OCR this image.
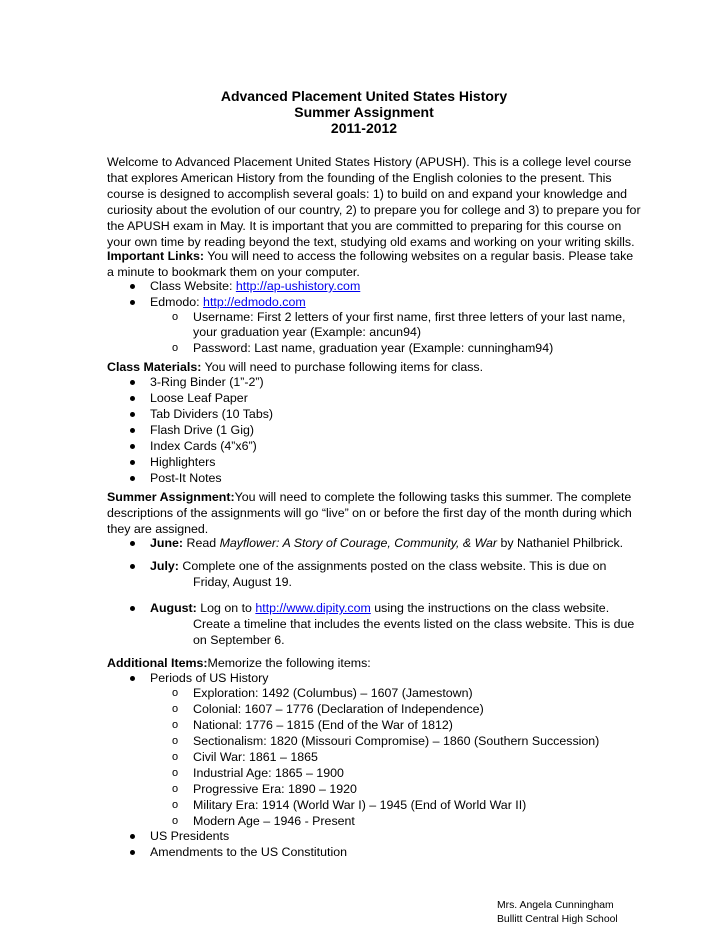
Advanced Placement United States History
Summer Assignment
2011-2012
Welcome to Advanced Placement United States History (APUSH). This is a college level course
that explores American History from the founding of the English colonies to the present. This
course is designed to accomplish several goals: 1) to build on and expand your knowledge and
curiosity about the evolution of our country, 2) to prepare you for college and 3) to prepare you for
the APUSH exam in May. It is important that you are committed to preparing for this course on
your own time by reading beyond the text, studying old exams and working on your writing skills.
Important Links: You will need to access the following websites on a regular basis. Please take
a minute to bookmark them on your computer.
Class Website: http://ap-ushistory.com
Edmodo: http://edmodo.com
o Username: First 2 letters of your first name, first three letters of your last name,
your graduation year (Example: ancun94)
o Password: Last name, graduation year (Example: cunningham94)
Class Materials: You will need to purchase following items for class.
3-Ring Binder (1”-2”)
Loose Leaf Paper
Tab Dividers (10 Tabs)
Flash Drive (1 Gig)
Index Cards (4”x6”)
Highlighters
Post-It Notes
Summer Assignment:You will need to complete the following tasks this summer. The complete
descriptions of the assignments will go “live” on or before the first day of the month during which
they are assigned.
June: Read Mayflower: A Story of Courage, Community, & War by Nathaniel Philbrick.
July: Complete one of the assignments posted on the class website. This is due on
Friday, August 19.
August: Log on to http://www.dipity.com using the instructions on the class website.
Create a timeline that includes the events listed on the class website. This is due
on September 6.
Additional Items:Memorize the following items:
Periods of US History
o Exploration: 1492 (Columbus) – 1607 (Jamestown)
o Colonial: 1607 – 1776 (Declaration of Independence)
o National: 1776 – 1815 (End of the War of 1812)
o Sectionalism: 1820 (Missouri Compromise) – 1860 (Southern Succession)
o Civil War: 1861 – 1865
o Industrial Age: 1865 – 1900
o Progressive Era: 1890 – 1920
o Military Era: 1914 (World War I) – 1945 (End of World War II)
o Modern Age – 1946 - Present
US Presidents
Amendments to the US Constitution
Mrs. Angela Cunningham
Bullitt Central High School
